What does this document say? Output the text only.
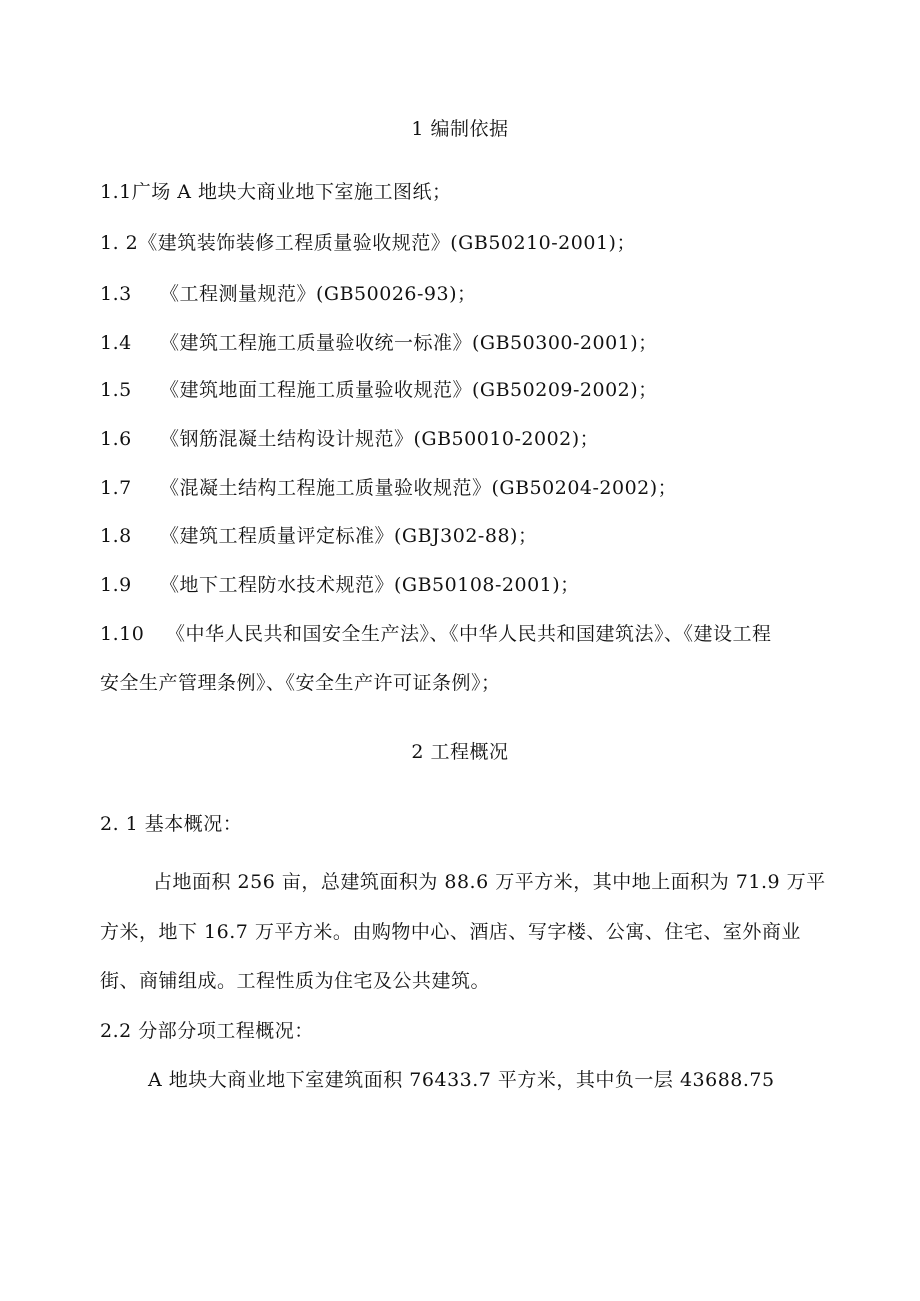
1 编制依据
1.1广场 A 地块大商业地下室施工图纸；
1. 2《建筑装饰装修工程质量验收规范》(GB50210-2001)；
1.3 《工程测量规范》(GB50026-93)；
1.4 《建筑工程施工质量验收统一标准》(GB50300-2001)；
1.5 《建筑地面工程施工质量验收规范》(GB50209-2002)；
1.6 《钢筋混凝土结构设计规范》(GB50010-2002)；
1.7 《混凝土结构工程施工质量验收规范》(GB50204-2002)；
1.8 《建筑工程质量评定标准》(GBJ302-88)；
1.9 《地下工程防水技术规范》(GB50108-2001)；
1.10 《中华人民共和国安全生产法》、《中华人民共和国建筑法》、《建设工程
安全生产管理条例》、《安全生产许可证条例》；
2 工程概况
2. 1 基本概况：
占地面积 256 亩，总建筑面积为 88.6 万平方米，其中地上面积为 71.9 万平
方米，地下 16.7 万平方米。由购物中心、酒店、写字楼、公寓、住宅、室外商业
街、商铺组成。工程性质为住宅及公共建筑。
2.2 分部分项工程概况：
A 地块大商业地下室建筑面积 76433.7 平方米，其中负一层 43688.75
